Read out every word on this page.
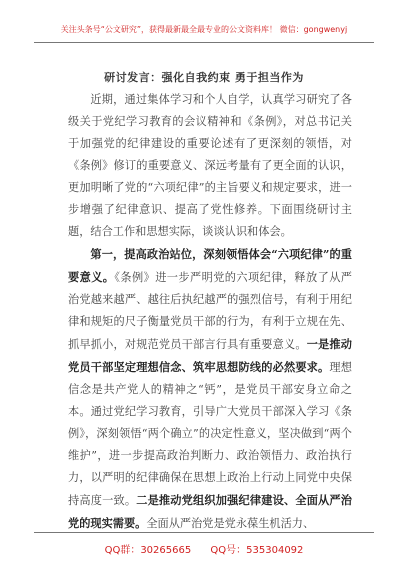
关注头条号“公文研究”，获得最新最全最专业的公文资料库！ 微信：gongwenyj
研讨发言：强化自我约束 勇于担当作为

近期，通过集体学习和个人自学，认真学习研究了各级关于党纪学习教育的会议精神和《条例》，对总书记关于加强党的纪律建设的重要论述有了更深刻的领悟，对《条例》修订的重要意义、深远考量有了更全面的认识，更加明晰了党的“六项纪律”的主旨要义和规定要求，进一步增强了纪律意识、提高了党性修养。下面围绕研讨主题，结合工作和思想实际，谈谈认识和体会。

第一，提高政治站位，深刻领悟体会“六项纪律”的重要意义。《条例》进一步严明党的六项纪律，释放了从严治党越来越严、越往后执纪越严的强烈信号，有利于用纪律和规矩的尺子衡量党员干部的行为，有利于立规在先、抓早抓小，对规范党员干部言行具有重要意义。一是推动党员干部坚定理想信念、筑牢思想防线的必然要求。理想信念是共产党人的精神之“钙”，是党员干部安身立命之本。通过党纪学习教育，引导广大党员干部深入学习《条例》，深刻领悟“两个确立”的决定性意义，坚决做到“两个维护”，进一步提高政治判断力、政治领悟力、政治执行力，以严明的纪律确保在思想上政治上行动上同党中央保持高度一致。二是推动党组织加强纪律建设、全面从严治党的现实需要。全面从严治党是党永葆生机活力、

QQ群：30265665 QQ号：535304092
